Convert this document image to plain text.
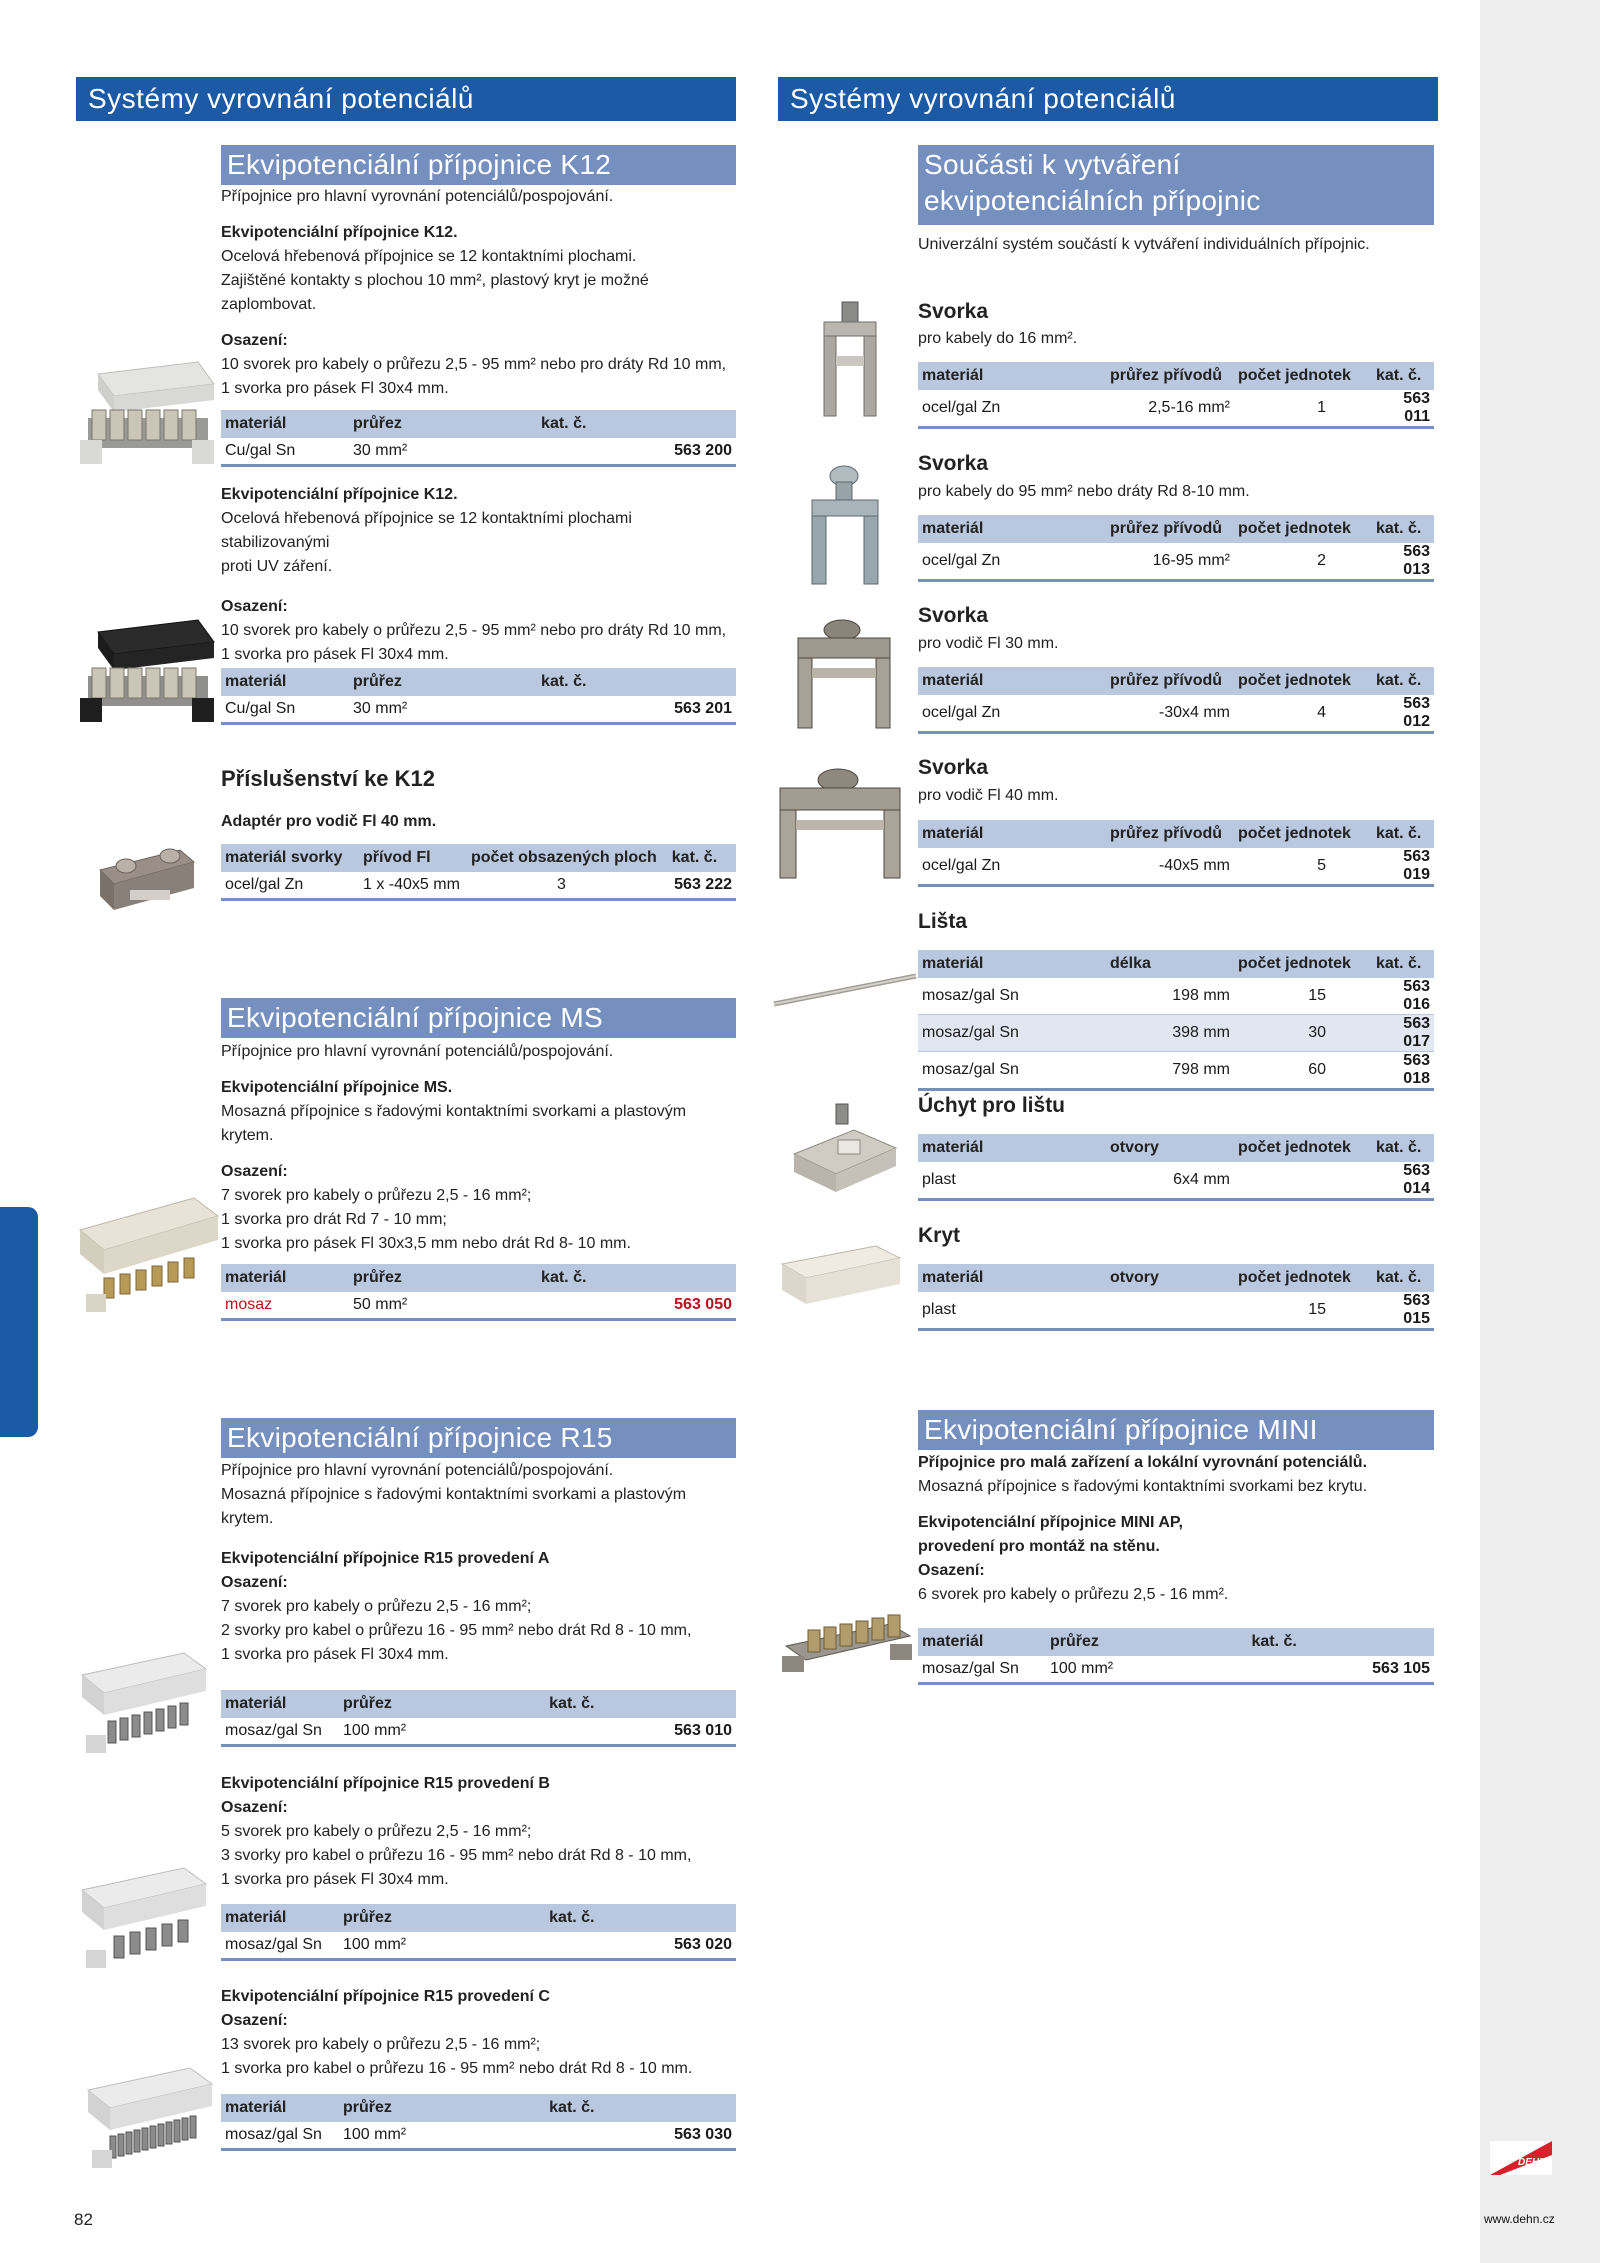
Systémy vyrovnání potenciálů
Ekvipotenciální přípojnice K12
Přípojnice pro hlavní vyrovnání potenciálů/pospojování.
Ekvipotenciální přípojnice K12.
Ocelová hřebenová přípojnice se 12 kontaktními plochami.
Zajištěné kontakty s plochou 10 mm², plastový kryt je možné zaplombovat.
Osazení:
10 svorek pro kabely o průřezu 2,5 - 95 mm² nebo pro dráty Rd 10 mm,
1 svorka pro pásek Fl 30x4 mm.
materiál	průřez	kat. č.
Cu/gal Sn	30 mm²	563 200
Ekvipotenciální přípojnice K12.
Ocelová hřebenová přípojnice se 12 kontaktními plochami stabilizovanými
proti UV záření.
Osazení:
10 svorek pro kabely o průřezu 2,5 - 95 mm² nebo pro dráty Rd 10 mm,
1 svorka pro pásek Fl 30x4 mm.
materiál	průřez	kat. č.
Cu/gal Sn	30 mm²	563 201
Příslušenství ke K12
Adaptér pro vodič Fl 40 mm.
materiál svorky	přívod Fl	počet obsazených ploch	kat. č.
ocel/gal Zn	1 x -40x5 mm	3	563 222
Ekvipotenciální přípojnice MS
Přípojnice pro hlavní vyrovnání potenciálů/pospojování.
Ekvipotenciální přípojnice MS.
Mosazná přípojnice s řadovými kontaktními svorkami a plastovým krytem.
Osazení:
7 svorek pro kabely o průřezu 2,5 - 16 mm²;
1 svorka pro drát Rd 7 - 10 mm;
1 svorka pro pásek Fl 30x3,5 mm nebo drát Rd 8- 10 mm.
materiál	průřez	kat. č.
mosaz	50 mm²	563 050
Ekvipotenciální přípojnice R15
Přípojnice pro hlavní vyrovnání potenciálů/pospojování.
Mosazná přípojnice s řadovými kontaktními svorkami a plastovým krytem.
Ekvipotenciální přípojnice R15 provedení A
Osazení:
7 svorek pro kabely o průřezu 2,5 - 16 mm²;
2 svorky pro kabel o průřezu 16 - 95 mm² nebo drát Rd 8 - 10 mm,
1 svorka pro pásek Fl 30x4 mm.
materiál	průřez	kat. č.
mosaz/gal Sn	100 mm²	563 010
Ekvipotenciální přípojnice R15 provedení B
Osazení:
5 svorek pro kabely o průřezu 2,5 - 16 mm²;
3 svorky pro kabel o průřezu 16 - 95 mm² nebo drát Rd 8 - 10 mm,
1 svorka pro pásek Fl 30x4 mm.
materiál	průřez	kat. č.
mosaz/gal Sn	100 mm²	563 020
Ekvipotenciální přípojnice R15 provedení C
Osazení:
13 svorek pro kabely o průřezu 2,5 - 16 mm²;
1 svorka pro kabel o průřezu 16 - 95 mm² nebo drát Rd 8 - 10 mm.
materiál	průřez	kat. č.
mosaz/gal Sn	100 mm²	563 030
Systémy vyrovnání potenciálů
Součásti k vytváření
ekvipotenciálních přípojnic
Univerzální systém součástí k vytváření individuálních přípojnic.
Svorka
pro kabely do 16 mm².
materiál	průřez přívodů	počet jednotek	kat. č.
ocel/gal Zn	2,5-16 mm²	1	563 011
Svorka
pro kabely do 95 mm² nebo dráty Rd 8-10 mm.
materiál	průřez přívodů	počet jednotek	kat. č.
ocel/gal Zn	16-95 mm²	2	563 013
Svorka
pro vodič Fl 30 mm.
materiál	průřez přívodů	počet jednotek	kat. č.
ocel/gal Zn	-30x4 mm	4	563 012
Svorka
pro vodič Fl 40 mm.
materiál	průřez přívodů	počet jednotek	kat. č.
ocel/gal Zn	-40x5 mm	5	563 019
Lišta
materiál	délka	počet jednotek	kat. č.
mosaz/gal Sn	198 mm	15	563 016
mosaz/gal Sn	398 mm	30	563 017
mosaz/gal Sn	798 mm	60	563 018
Úchyt pro lištu
materiál	otvory	počet jednotek	kat. č.
plast	6x4 mm		563 014
Kryt
materiál	otvory	počet jednotek	kat. č.
plast		15	563 015
Ekvipotenciální přípojnice MINI
Přípojnice pro malá zařízení a lokální vyrovnání potenciálů.
Mosazná přípojnice s řadovými kontaktními svorkami bez krytu.
Ekvipotenciální přípojnice MINI AP,
provedení pro montáž na stěnu.
Osazení:
6 svorek pro kabely o průřezu 2,5 - 16 mm².
materiál	průřez	kat. č.
mosaz/gal Sn	100 mm²	563 105
82
DEHN
www.dehn.cz
